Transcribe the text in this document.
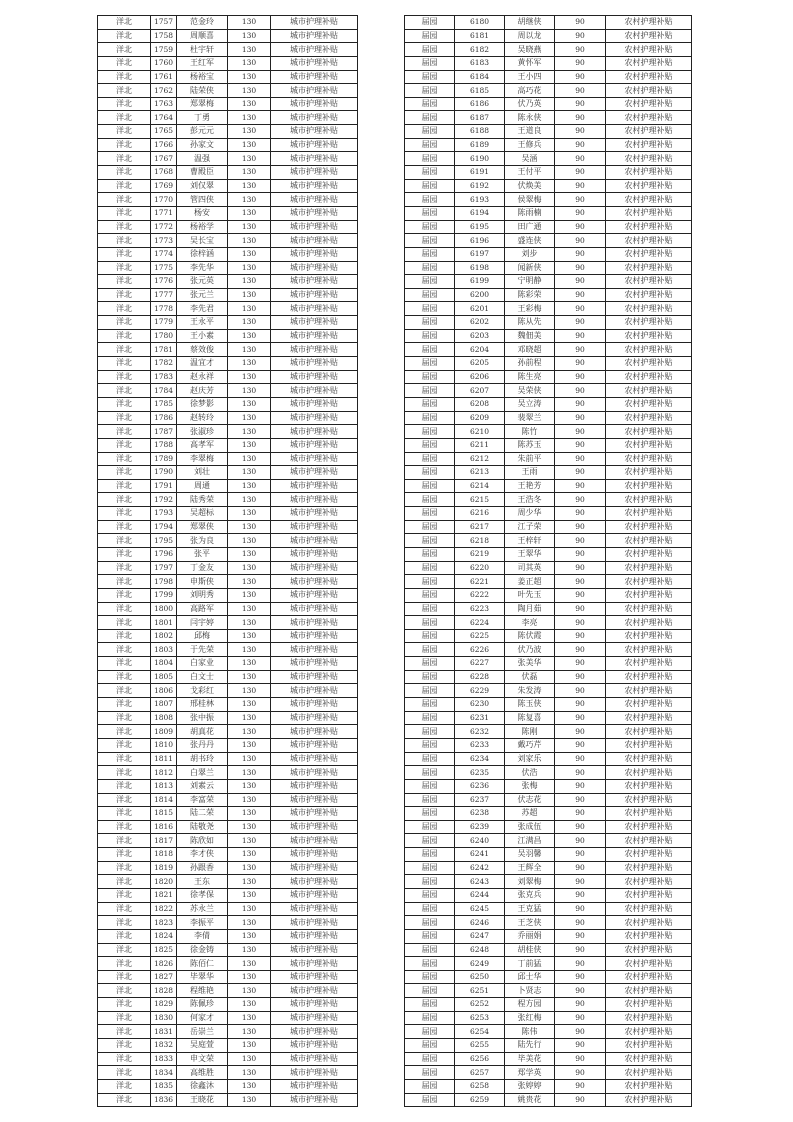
洋北	1757	范金玲	130	城市护理补贴
洋北	1758	周顺喜	130	城市护理补贴
洋北	1759	杜宇轩	130	城市护理补贴
洋北	1760	王红军	130	城市护理补贴
洋北	1761	杨裕宝	130	城市护理补贴
洋北	1762	陆荣侠	130	城市护理补贴
洋北	1763	郑翠梅	130	城市护理补贴
洋北	1764	丁勇	130	城市护理补贴
洋北	1765	彭元元	130	城市护理补贴
洋北	1766	孙家文	130	城市护理补贴
洋北	1767	温强	130	城市护理补贴
洋北	1768	曹殿臣	130	城市护理补贴
洋北	1769	刘仅翠	130	城市护理补贴
洋北	1770	管四侠	130	城市护理补贴
洋北	1771	杨安	130	城市护理补贴
洋北	1772	杨裕学	130	城市护理补贴
洋北	1773	吴长宝	130	城市护理补贴
洋北	1774	徐梓涵	130	城市护理补贴
洋北	1775	李先华	130	城市护理补贴
洋北	1776	张元英	130	城市护理补贴
洋北	1777	张元兰	130	城市护理补贴
洋北	1778	李先君	130	城市护理补贴
洋北	1779	王永平	130	城市护理补贴
洋北	1780	王小素	130	城市护理补贴
洋北	1781	蔡效俊	130	城市护理补贴
洋北	1782	温宜才	130	城市护理补贴
洋北	1783	赵永祥	130	城市护理补贴
洋北	1784	赵庆芳	130	城市护理补贴
洋北	1785	徐梦影	130	城市护理补贴
洋北	1786	赵转玲	130	城市护理补贴
洋北	1787	张淑珍	130	城市护理补贴
洋北	1788	高孝军	130	城市护理补贴
洋北	1789	李翠梅	130	城市护理补贴
洋北	1790	刘壮	130	城市护理补贴
洋北	1791	周通	130	城市护理补贴
洋北	1792	陆秀荣	130	城市护理补贴
洋北	1793	吴超标	130	城市护理补贴
洋北	1794	郑翠侠	130	城市护理补贴
洋北	1795	张为良	130	城市护理补贴
洋北	1796	张平	130	城市护理补贴
洋北	1797	丁金友	130	城市护理补贴
洋北	1798	申斯侠	130	城市护理补贴
洋北	1799	刘明秀	130	城市护理补贴
洋北	1800	高路军	130	城市护理补贴
洋北	1801	闫宇婷	130	城市护理补贴
洋北	1802	邱梅	130	城市护理补贴
洋北	1803	于先荣	130	城市护理补贴
洋北	1804	白家业	130	城市护理补贴
洋北	1805	白文士	130	城市护理补贴
洋北	1806	戈彩红	130	城市护理补贴
洋北	1807	邢桂林	130	城市护理补贴
洋北	1808	张中振	130	城市护理补贴
洋北	1809	胡真花	130	城市护理补贴
洋北	1810	张丹丹	130	城市护理补贴
洋北	1811	胡书玲	130	城市护理补贴
洋北	1812	白翠兰	130	城市护理补贴
洋北	1813	刘素云	130	城市护理补贴
洋北	1814	李富荣	130	城市护理补贴
洋北	1815	陆二荣	130	城市护理补贴
洋北	1816	陆敬尧	130	城市护理补贴
洋北	1817	陈欣如	130	城市护理补贴
洋北	1818	李才侠	130	城市护理补贴
洋北	1819	孙跟香	130	城市护理补贴
洋北	1820	王东	130	城市护理补贴
洋北	1821	徐孝保	130	城市护理补贴
洋北	1822	苏永兰	130	城市护理补贴
洋北	1823	李振平	130	城市护理补贴
洋北	1824	李倩	130	城市护理补贴
洋北	1825	徐金铸	130	城市护理补贴
洋北	1826	陈佰仁	130	城市护理补贴
洋北	1827	毕翠华	130	城市护理补贴
洋北	1828	程维艳	130	城市护理补贴
洋北	1829	陈佩珍	130	城市护理补贴
洋北	1830	何家才	130	城市护理补贴
洋北	1831	岳崇兰	130	城市护理补贴
洋北	1832	吴庭萱	130	城市护理补贴
洋北	1833	申文荣	130	城市护理补贴
洋北	1834	高维胜	130	城市护理补贴
洋北	1835	徐鑫沐	130	城市护理补贴
洋北	1836	王晓花	130	城市护理补贴
届园	6180	胡继侠	90	农村护理补贴
届园	6181	周以龙	90	农村护理补贴
届园	6182	吴晓燕	90	农村护理补贴
届园	6183	黄怀军	90	农村护理补贴
届园	6184	王小四	90	农村护理补贴
届园	6185	高巧花	90	农村护理补贴
届园	6186	伏乃英	90	农村护理补贴
届园	6187	陈永侠	90	农村护理补贴
届园	6188	王道良	90	农村护理补贴
届园	6189	王修兵	90	农村护理补贴
届园	6190	吴涵	90	农村护理补贴
届园	6191	王付平	90	农村护理补贴
届园	6192	伏焕美	90	农村护理补贴
届园	6193	侯翠梅	90	农村护理补贴
届园	6194	陈雨楠	90	农村护理补贴
届园	6195	田广通	90	农村护理补贴
届园	6196	盛连侠	90	农村护理补贴
届园	6197	刘步	90	农村护理补贴
届园	6198	闻新侠	90	农村护理补贴
届园	6199	宁明静	90	农村护理补贴
届园	6200	陈彩荣	90	农村护理补贴
届园	6201	王彩梅	90	农村护理补贴
届园	6202	陈从先	90	农村护理补贴
届园	6203	魏佃美	90	农村护理补贴
届园	6204	邓晓超	90	农村护理补贴
届园	6205	孙前程	90	农村护理补贴
届园	6206	陈生亮	90	农村护理补贴
届园	6207	吴荣侠	90	农村护理补贴
届园	6208	吴立涛	90	农村护理补贴
届园	6209	裴翠兰	90	农村护理补贴
届园	6210	陈竹	90	农村护理补贴
届园	6211	陈苏玉	90	农村护理补贴
届园	6212	朱前平	90	农村护理补贴
届园	6213	王雨	90	农村护理补贴
届园	6214	王艳芳	90	农村护理补贴
届园	6215	王浩冬	90	农村护理补贴
届园	6216	周少华	90	农村护理补贴
届园	6217	江子荣	90	农村护理补贴
届园	6218	王梓轩	90	农村护理补贴
届园	6219	王翠华	90	农村护理补贴
届园	6220	司其英	90	农村护理补贴
届园	6221	姜正超	90	农村护理补贴
届园	6222	叶先玉	90	农村护理补贴
届园	6223	陶月茹	90	农村护理补贴
届园	6224	李亮	90	农村护理补贴
届园	6225	陈伏霞	90	农村护理补贴
届园	6226	伏乃波	90	农村护理补贴
届园	6227	张美华	90	农村护理补贴
届园	6228	伏磊	90	农村护理补贴
届园	6229	朱发涛	90	农村护理补贴
届园	6230	陈玉侠	90	农村护理补贴
届园	6231	陈复喜	90	农村护理补贴
届园	6232	陈刚	90	农村护理补贴
届园	6233	戴巧芹	90	农村护理补贴
届园	6234	刘家乐	90	农村护理补贴
届园	6235	伏浩	90	农村护理补贴
届园	6236	张梅	90	农村护理补贴
届园	6237	伏志花	90	农村护理补贴
届园	6238	苏超	90	农村护理补贴
届园	6239	张成伍	90	农村护理补贴
届园	6240	江满昌	90	农村护理补贴
届园	6241	吴羽馨	90	农村护理补贴
届园	6242	王辉全	90	农村护理补贴
届园	6243	刘翠梅	90	农村护理补贴
届园	6244	张克兵	90	农村护理补贴
届园	6245	王克猛	90	农村护理补贴
届园	6246	王芝侠	90	农村护理补贴
届园	6247	乔丽娟	90	农村护理补贴
届园	6248	胡桂侠	90	农村护理补贴
届园	6249	丁前猛	90	农村护理补贴
届园	6250	邱士华	90	农村护理补贴
届园	6251	卜贤志	90	农村护理补贴
届园	6252	程方园	90	农村护理补贴
届园	6253	张红梅	90	农村护理补贴
届园	6254	陈伟	90	农村护理补贴
届园	6255	陆先行	90	农村护理补贴
届园	6256	毕美花	90	农村护理补贴
届园	6257	郑学英	90	农村护理补贴
届园	6258	张婷婷	90	农村护理补贴
届园	6259	姚贵花	90	农村护理补贴
